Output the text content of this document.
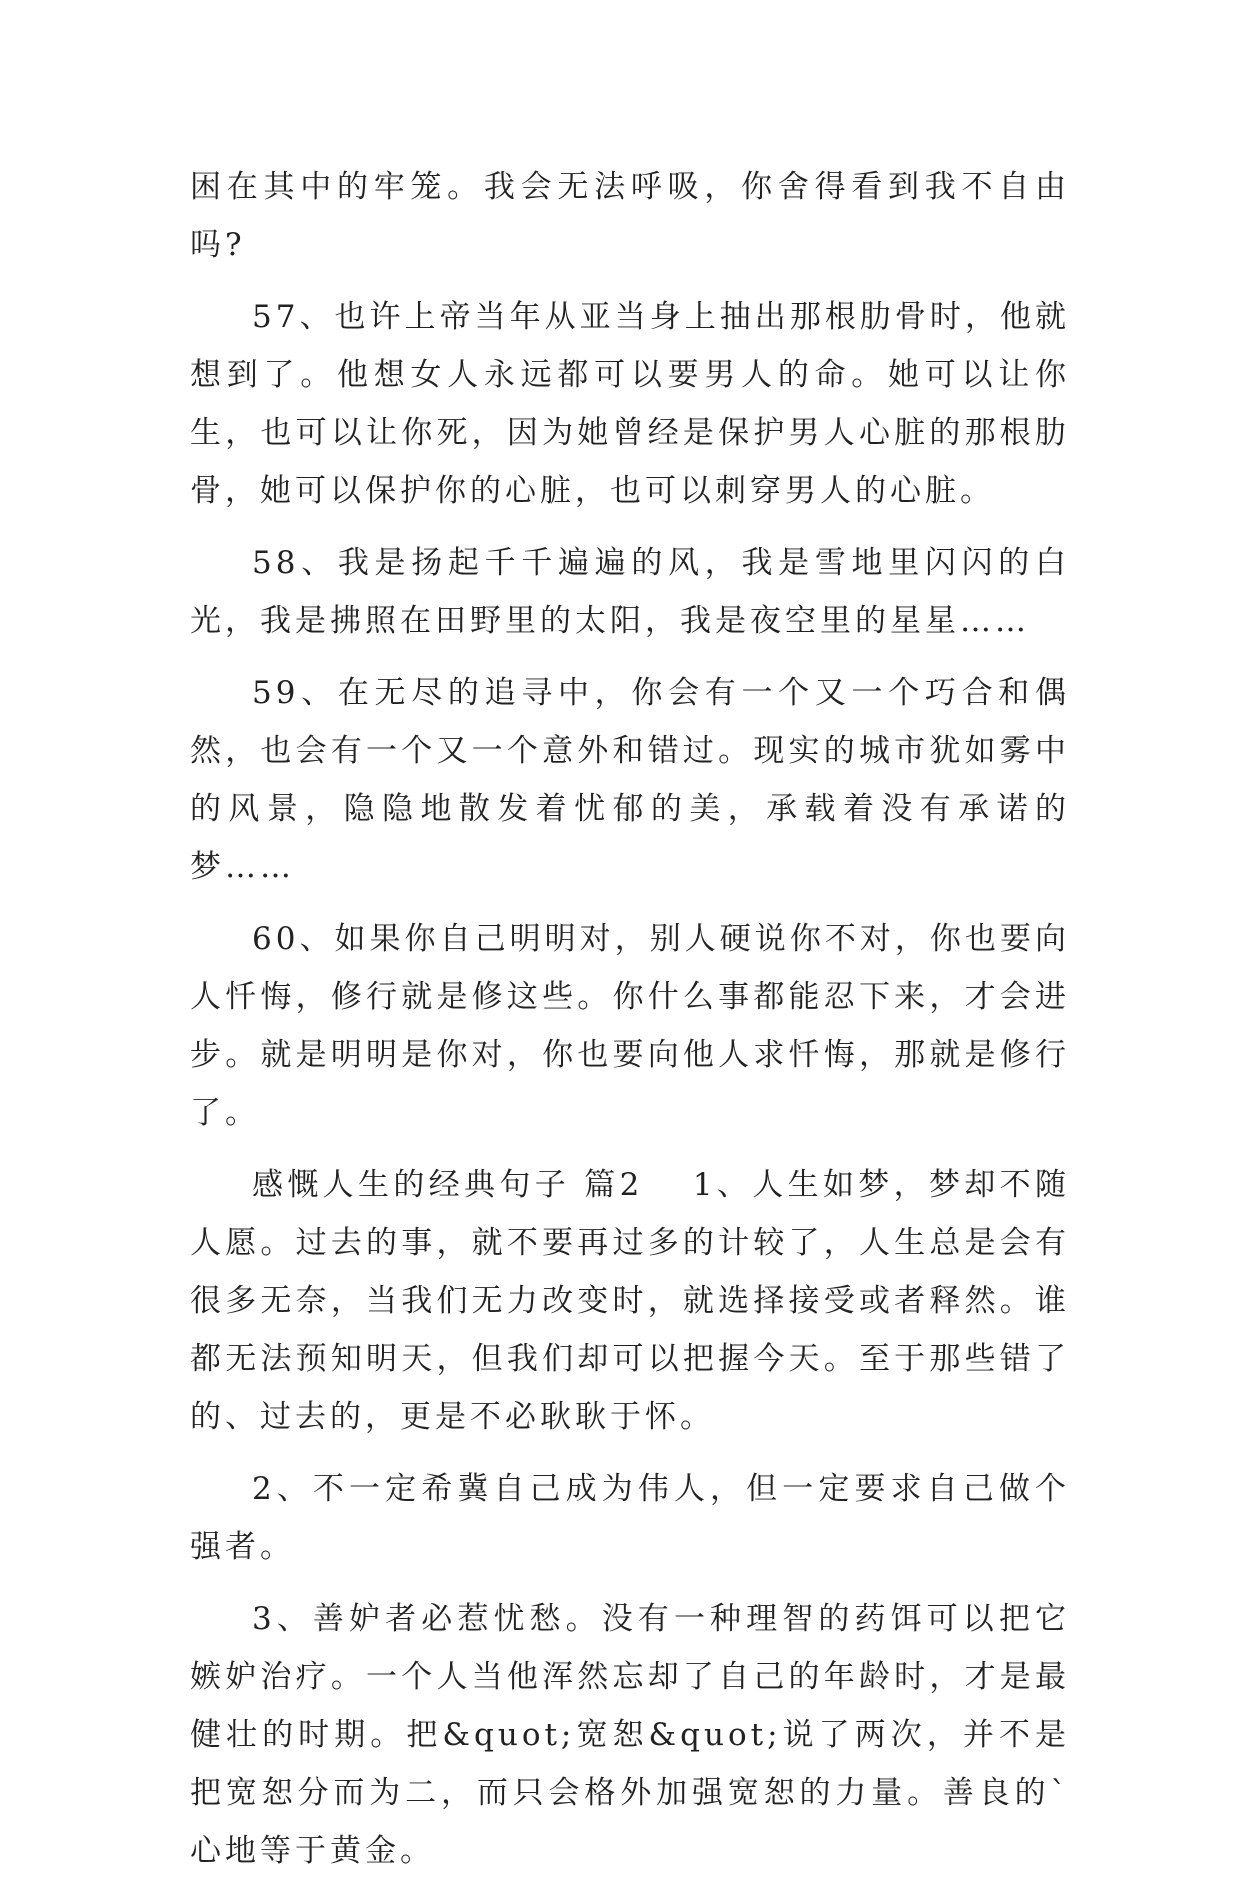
困在其中的牢笼。我会无法呼吸，你舍得看到我不自由吗?

57、也许上帝当年从亚当身上抽出那根肋骨时，他就想到了。他想女人永远都可以要男人的命。她可以让你生，也可以让你死，因为她曾经是保护男人心脏的那根肋骨，她可以保护你的心脏，也可以刺穿男人的心脏。

58、我是扬起千千遍遍的风，我是雪地里闪闪的白光，我是拂照在田野里的太阳，我是夜空里的星星……

59、在无尽的追寻中，你会有一个又一个巧合和偶然，也会有一个又一个意外和错过。现实的城市犹如雾中的风景，隐隐地散发着忧郁的美，承载着没有承诺的梦……

60、如果你自己明明对，别人硬说你不对，你也要向人忏悔，修行就是修这些。你什么事都能忍下来，才会进步。就是明明是你对，你也要向他人求忏悔，那就是修行了。

感慨人生的经典句子 篇2 　1、人生如梦，梦却不随人愿。过去的事，就不要再过多的计较了，人生总是会有很多无奈，当我们无力改变时，就选择接受或者释然。谁都无法预知明天，但我们却可以把握今天。至于那些错了的、过去的，更是不必耿耿于怀。

2、不一定希冀自己成为伟人，但一定要求自己做个强者。

3、善妒者必惹忧愁。没有一种理智的药饵可以把它嫉妒治疗。一个人当他浑然忘却了自己的年龄时，才是最健壮的时期。把&quot;宽恕&quot;说了两次，并不是把宽恕分而为二，而只会格外加强宽恕的力量。善良的`心地等于黄金。
